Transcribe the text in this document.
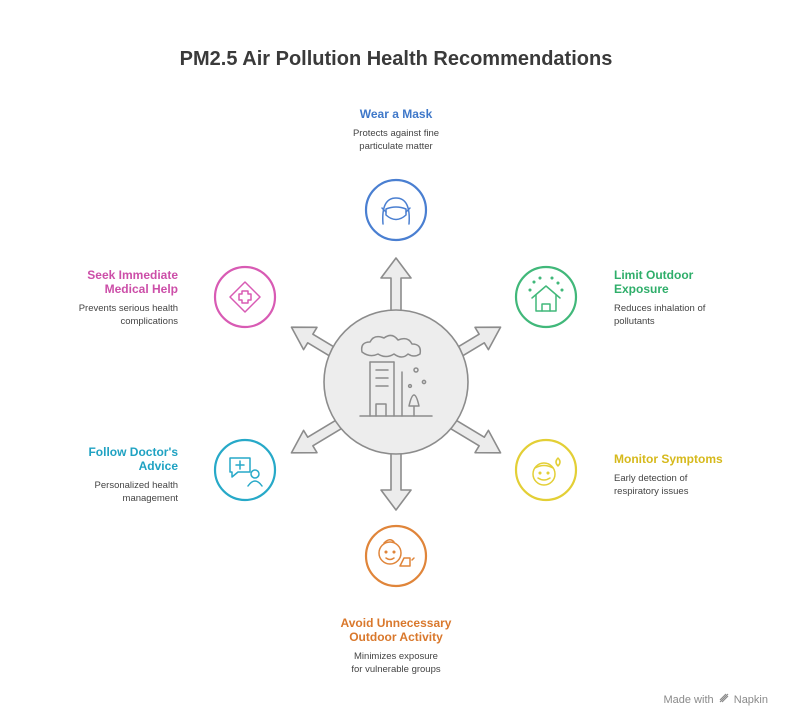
PM2.5 Air Pollution Health Recommendations
Wear a Mask
Protects against fine
particulate matter
Limit Outdoor
Exposure
Reduces inhalation of
pollutants
Monitor Symptoms
Early detection of
respiratory issues
Avoid Unnecessary
Outdoor Activity
Minimizes exposure
for vulnerable groups
Follow Doctor's
Advice
Personalized health
management
Seek Immediate
Medical Help
Prevents serious health
complications
Made with Napkin
